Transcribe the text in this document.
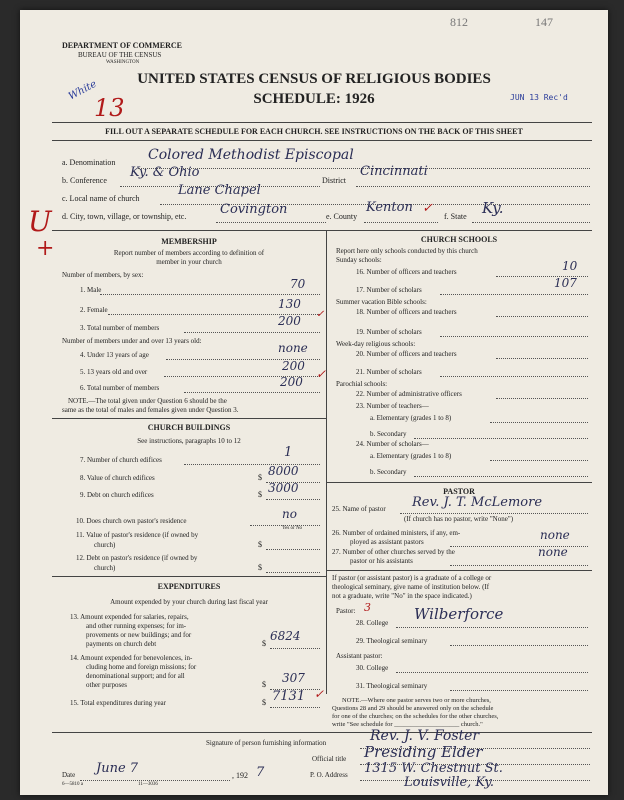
812	147
DEPARTMENT OF COMMERCE
BUREAU OF THE CENSUS
WASHINGTON
UNITED STATES CENSUS OF RELIGIOUS BODIES
SCHEDULE: 1926	JUN 13 Rec'd
White
13
U
+
FILL OUT A SEPARATE SCHEDULE FOR EACH CHURCH. SEE INSTRUCTIONS ON THE BACK OF THIS SHEET
a. Denomination Colored Methodist Episcopal
b. Conference
Ky. & Ohio
District
Cincinnati
c. Local name of church
Lane Chapel
d. City, town, village, or township, etc.	Covington	e. County
Kenton ✓
f. State Ky.
MEMBERSHIP
Report number of members according to definition of
member in your church
Number of members, by sex:
1. Male	70
2. Female	130
3. Total number of members	200 ✓
Number of members under and over 13 years old:
4. Under 13 years of age	none
5. 13 years old and over	200
6. Total number of members	200
✓
NOTE.—The total given under Question 6 should be the
same as the total of males and females given under Question 3.
CHURCH BUILDINGS
See instructions, paragraphs 10 to 12
7. Number of church edifices	1
8. Value of church edifices	$ 8000
9. Debt on church edifices	$ 3000
10. Does church own pastor's residence	no
Yes or No
11. Value of pastor's residence (if owned by
church)	$
12. Debt on pastor's residence (if owned by
church)	$
EXPENDITURES
Amount expended by your church during last fiscal year
13. Amount expended for salaries, repairs,
and other running expenses; for im-
provements or new buildings; and for
payments on church debt	$
6824
14. Amount expended for benevolences, in-
cluding home and foreign missions; for
denominational support; and for all
other purposes	$ 307
15. Total expenditures during year	$ 7131 ✓
CHURCH SCHOOLS
Report here only schools conducted by this church
Sunday schools:
16. Number of officers and teachers	10
17. Number of scholars	107
Summer vacation Bible schools:
18. Number of officers and teachers
19. Number of scholars
Week-day religious schools:
20. Number of officers and teachers
21. Number of scholars
Parochial schools:
22. Number of administrative officers
23. Number of teachers—
a. Elementary (grades 1 to 8)
b. Secondary
24. Number of scholars—
a. Elementary (grades 1 to 8)
b. Secondary
PASTOR
25. Name of pastor Rev. J. T. McLemore
(If church has no pastor, write "None")
26. Number of ordained ministers, if any, em-
ployed as assistant pastors	none
27. Number of other churches served by the
pastor or his assistants
none
If pastor (or assistant pastor) is a graduate of a college or
theological seminary, give name of institution below. (If
not a graduate, write "No" in the space indicated.)
Pastor: 3
28. College Wilberforce
29. Theological seminary
Assistant pastor:
30. College
31. Theological seminary
NOTE.—Where one pastor serves two or more churches,
Questions 28 and 29 should be answered only on the schedule
for one of the churches; on the schedules for the other churches,
write "See schedule for ____________________ church."
Signature of person furnishing information	Rev. J. V. Foster
Official title Presiding Elder
Date June 7	, 192 7	P. O. Address 1315 W. Chestnut St.
Louisville, Ky.
6—5810 a	11—3036
